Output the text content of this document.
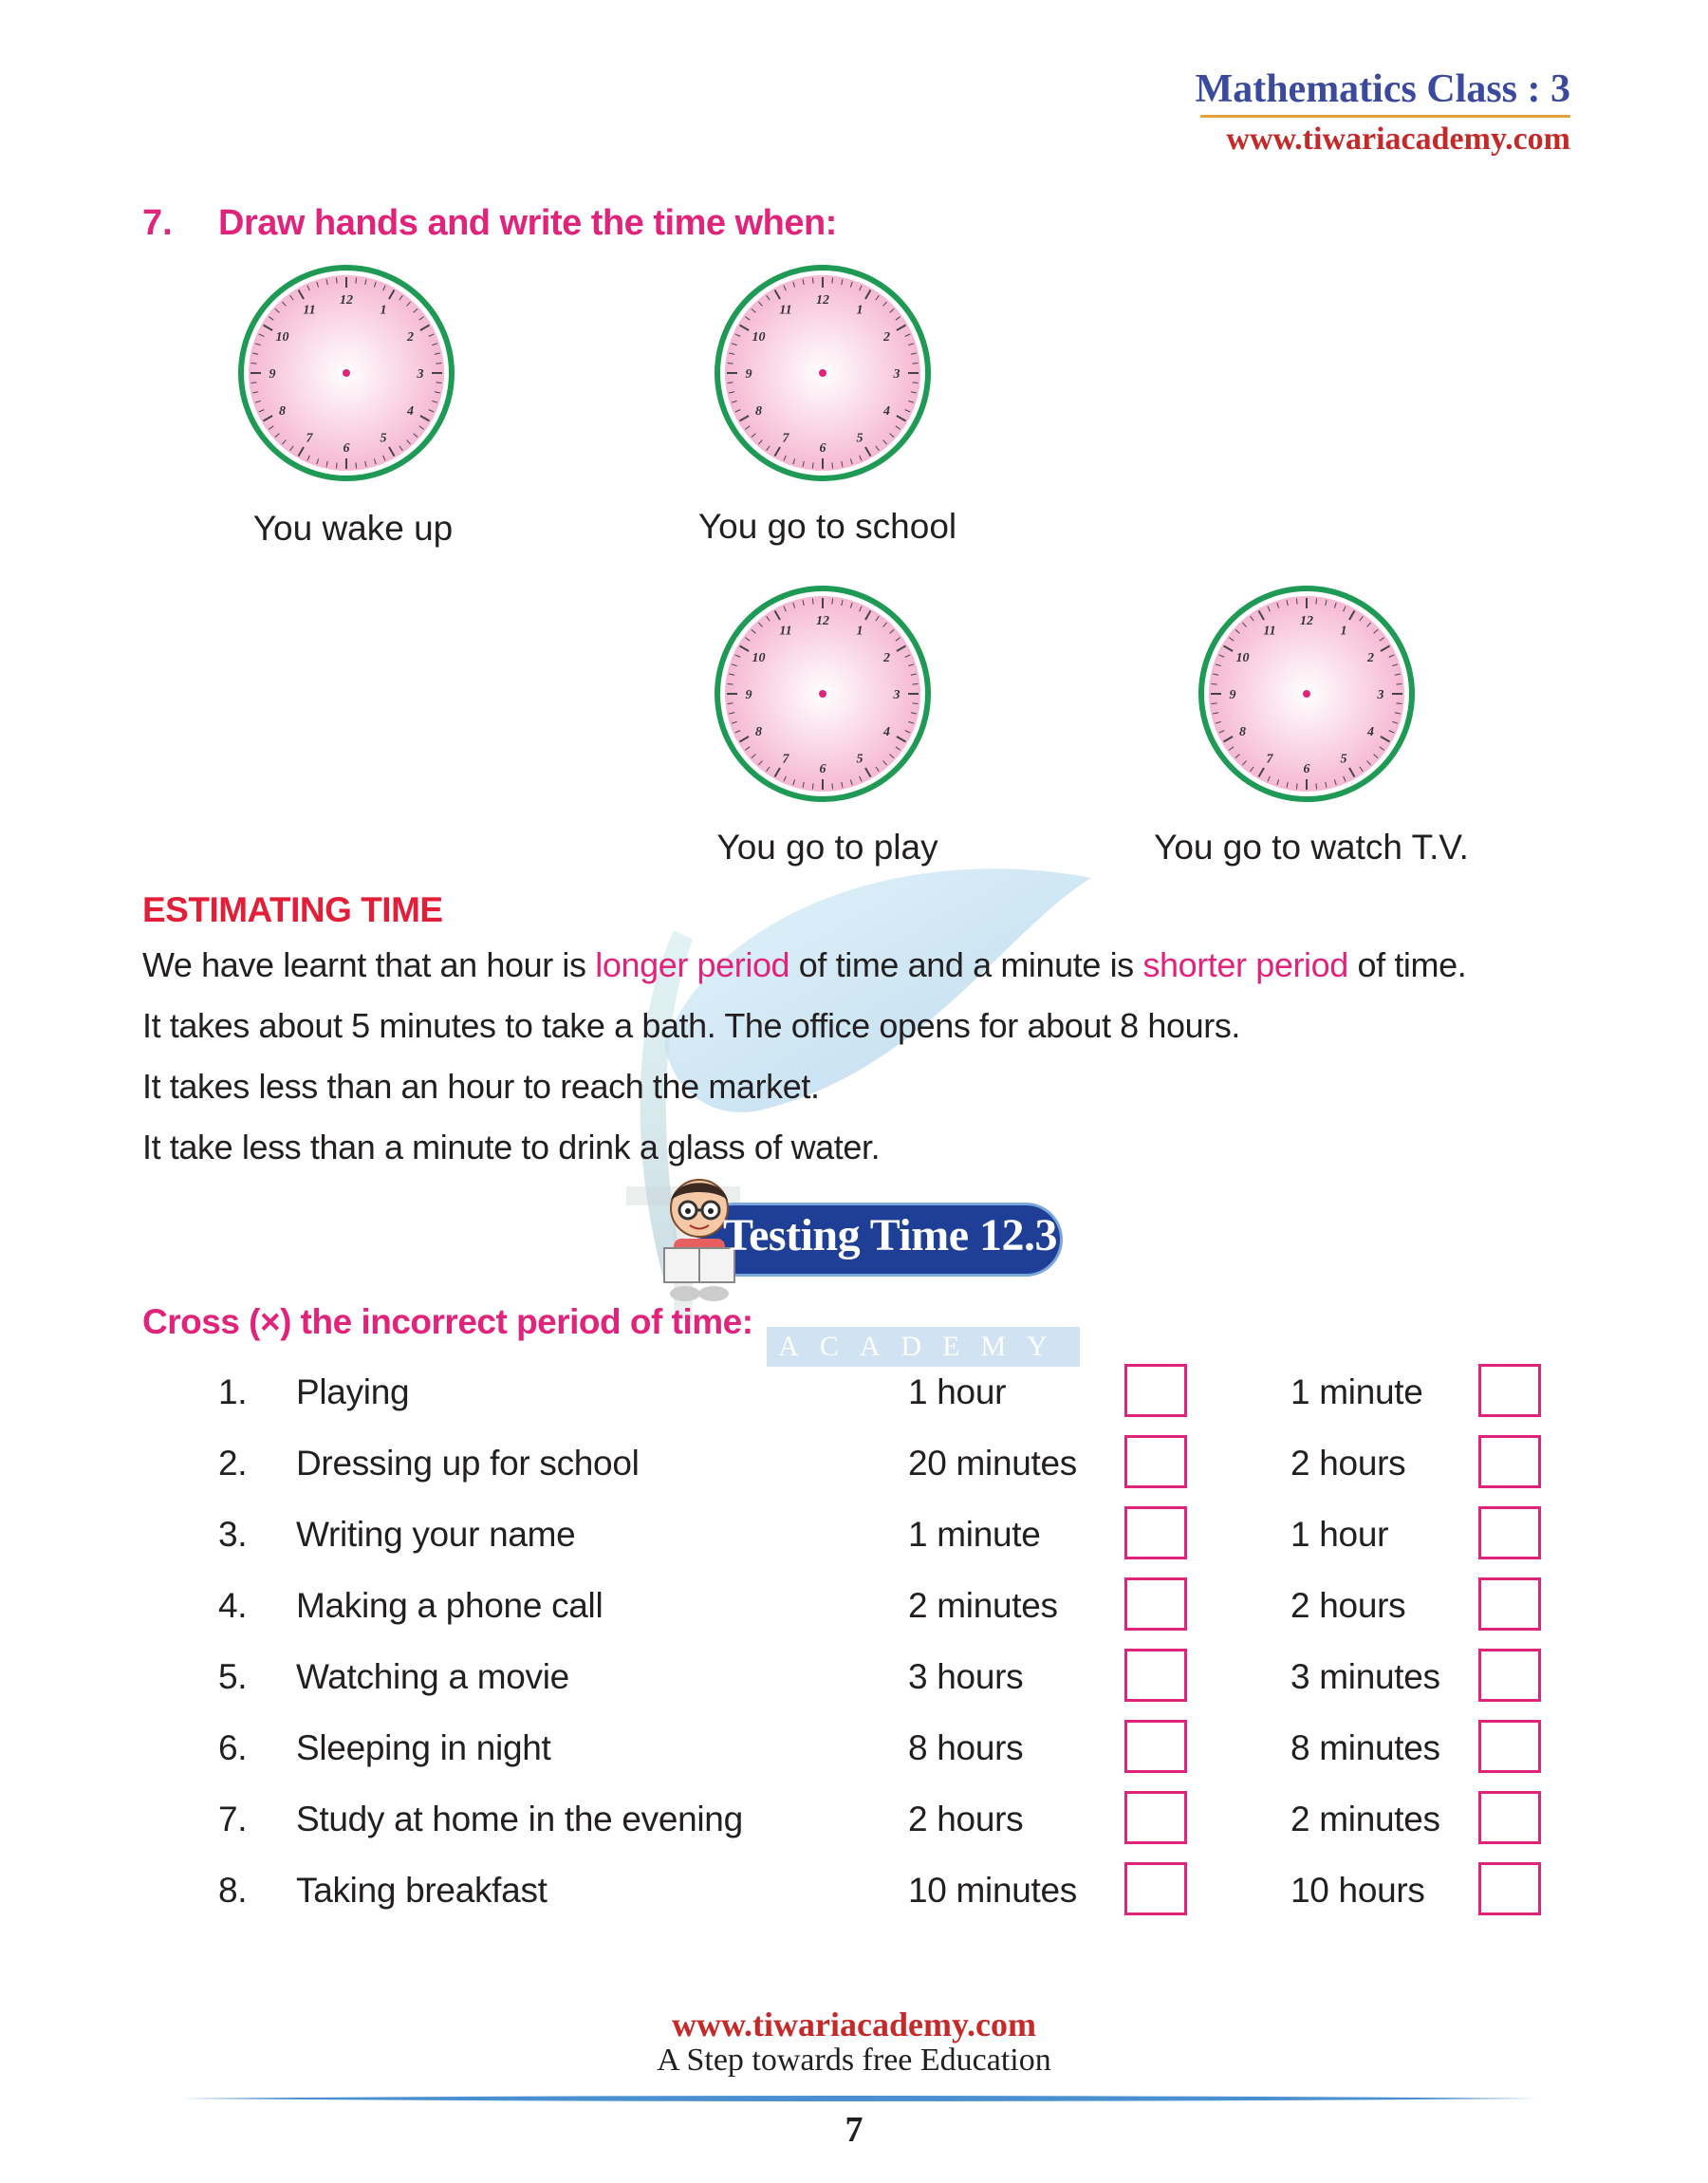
Mathematics Class : 3
www.tiwariacademy.com
7. Draw hands and write the time when:
12
1
2
3
4
5
6
7
8
9
10
11
12
1
2
3
4
5
6
7
8
9
10
11
12
1
2
3
4
5
6
7
8
9
10
11
12
1
2
3
4
5
6
7
8
9
10
11
You wake up	You go to school
You go to play	You go to watch T.V.
ESTIMATING TIME
We have learnt that an hour is longer period of time and a minute is shorter period of time.
It takes about 5 minutes to take a bath. The office opens for about 8 hours.
It takes less than an hour to reach the market.
It take less than a minute to drink a glass of water.
Testing Time 12.3
ACADEMY
Cross (×) the incorrect period of time:
1. Playing	1 hour	1 minute
2. Dressing up for school	20 minutes	2 hours
3. Writing your name	1 minute	1 hour
4. Making a phone call	2 minutes	2 hours
5. Watching a movie	3 hours	3 minutes
6. Sleeping in night	8 hours	8 minutes
7. Study at home in the evening	2 hours	2 minutes
8. Taking breakfast	10 minutes	10 hours
www.tiwariacademy.com
A Step towards free Education
7
